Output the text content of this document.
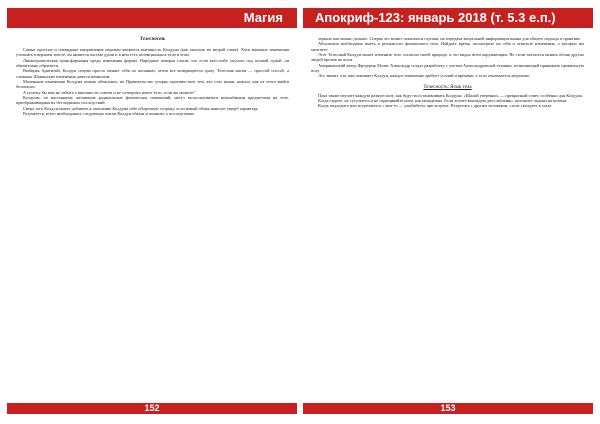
Магия
Телесность

Самые простые и очевидные направления перемен являются внешность Колдуна (как описано во второй главе). Хотя внешние изменения уточнить в верхнем тексте, он является частью души и в нем есть потенциальное тело в этом.

Ликантропическая трансформация среди изменения формы. Народные поверья гласят, что если кого-либо укусить под полной луной, он обязательно обратится.

Выбирая Арнтитий, Колдун сперва просто меняет себя по желанию, затем все возвращается сразу. Телесная магия — простой способ, а сложные Шаманские изменения даются немногим.

Маленькие изменения Колдуна можно объяснить, но Правительство упорно противостоит тем, кто стал иным, неясно, как из этого выйти безопасно.

А почему бы вам не забыть о внешности совсем и не сотворить новое тело, если вы можете?

Колдуны, по настоящему желающие радикальных физических изменений, могут воспользоваться волшебными предметами на теле, преображающими их без видимых последствий.

Сверх того Колдун может добавить к описанию Колдуна себе оборотную сторону, если новый облик наносит ущерб характеру.

Разумеется, всего необходимых следующих шагов Колдун обязан и помнить о последствиях.

152
Апокриф-123: январь 2018 (т. 5.3 е.п.)

зеркале как можно дольше. Сперва это может показаться глупым, но передача визуальной информации важна для общего подхода в практике.

Абсолютно необходимо иметь в реальности физического тела. Найдите время, посмотрите на себя и отметьте изменения, о которых вы мечтаете.

Этот Телесный Колдун может изменить тело согласно своей природе, и это видно всем окружающим. Не стоит пытаться менять облик других людей против их воли.

Американский автор Фредерик Мэлис Александр создал разработку с учетом Александровской техники, позволяющей принимать правильную позу.

Это значит, что, как понимает Колдун, каждое изменение требует усилий и времени, а тело откликается медленно.

Телесность: Язык тела

Пока также изучает каждую разную позу, как будут восстанавливать Колдуна. «Шалай уверенно» — прекрасный совет, особенно для Колдуна.

Когда сидите, не сутультесь и не скрещивайте ноги, как ненадежна. Если хотите выглядеть расслабленно, положите ладони на колени.

Когда подходите или встречаетесь с кем-то — улыбайтесь при встрече. Встретить с другим человеком, стоит смотреть в глаза.

153
